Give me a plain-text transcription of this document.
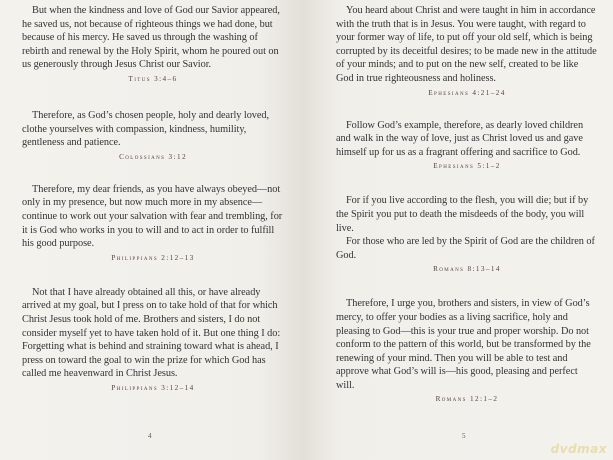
But when the kindness and love of God our Savior appeared, he saved us, not because of righteous things we had done, but because of his mercy. He saved us through the washing of rebirth and renewal by the Holy Spirit, whom he poured out on us generously through Jesus Christ our Savior.

Titus 3:4–6

Therefore, as God’s chosen people, holy and dearly loved, clothe yourselves with compassion, kindness, humility, gentleness and patience.

Colossians 3:12

Therefore, my dear friends, as you have always obeyed—not only in my presence, but now much more in my absence—continue to work out your salvation with fear and trembling, for it is God who works in you to will and to act in order to fulfill his good purpose.

Philippians 2:12–13

Not that I have already obtained all this, or have already arrived at my goal, but I press on to take hold of that for which Christ Jesus took hold of me. Brothers and sisters, I do not consider myself yet to have taken hold of it. But one thing I do: Forgetting what is behind and straining toward what is ahead, I press on toward the goal to win the prize for which God has called me heavenward in Christ Jesus.

Philippians 3:12–14
4

You heard about Christ and were taught in him in accordance with the truth that is in Jesus. You were taught, with regard to your former way of life, to put off your old self, which is being corrupted by its deceitful desires; to be made new in the attitude of your minds; and to put on the new self, created to be like God in true righteousness and holiness.

Ephesians 4:21–24

Follow God’s example, therefore, as dearly loved children and walk in the way of love, just as Christ loved us and gave himself up for us as a fragrant offering and sacrifice to God.

Ephesians 5:1–2

For if you live according to the flesh, you will die; but if by the Spirit you put to death the misdeeds of the body, you will live.

For those who are led by the Spirit of God are the children of God.

Romans 8:13–14

Therefore, I urge you, brothers and sisters, in view of God’s mercy, to offer your bodies as a living sacrifice, holy and pleasing to God—this is your true and proper worship. Do not conform to the pattern of this world, but be transformed by the renewing of your mind. Then you will be able to test and approve what God’s will is—his good, pleasing and perfect will.

Romans 12:1–2
5
dvdmax
